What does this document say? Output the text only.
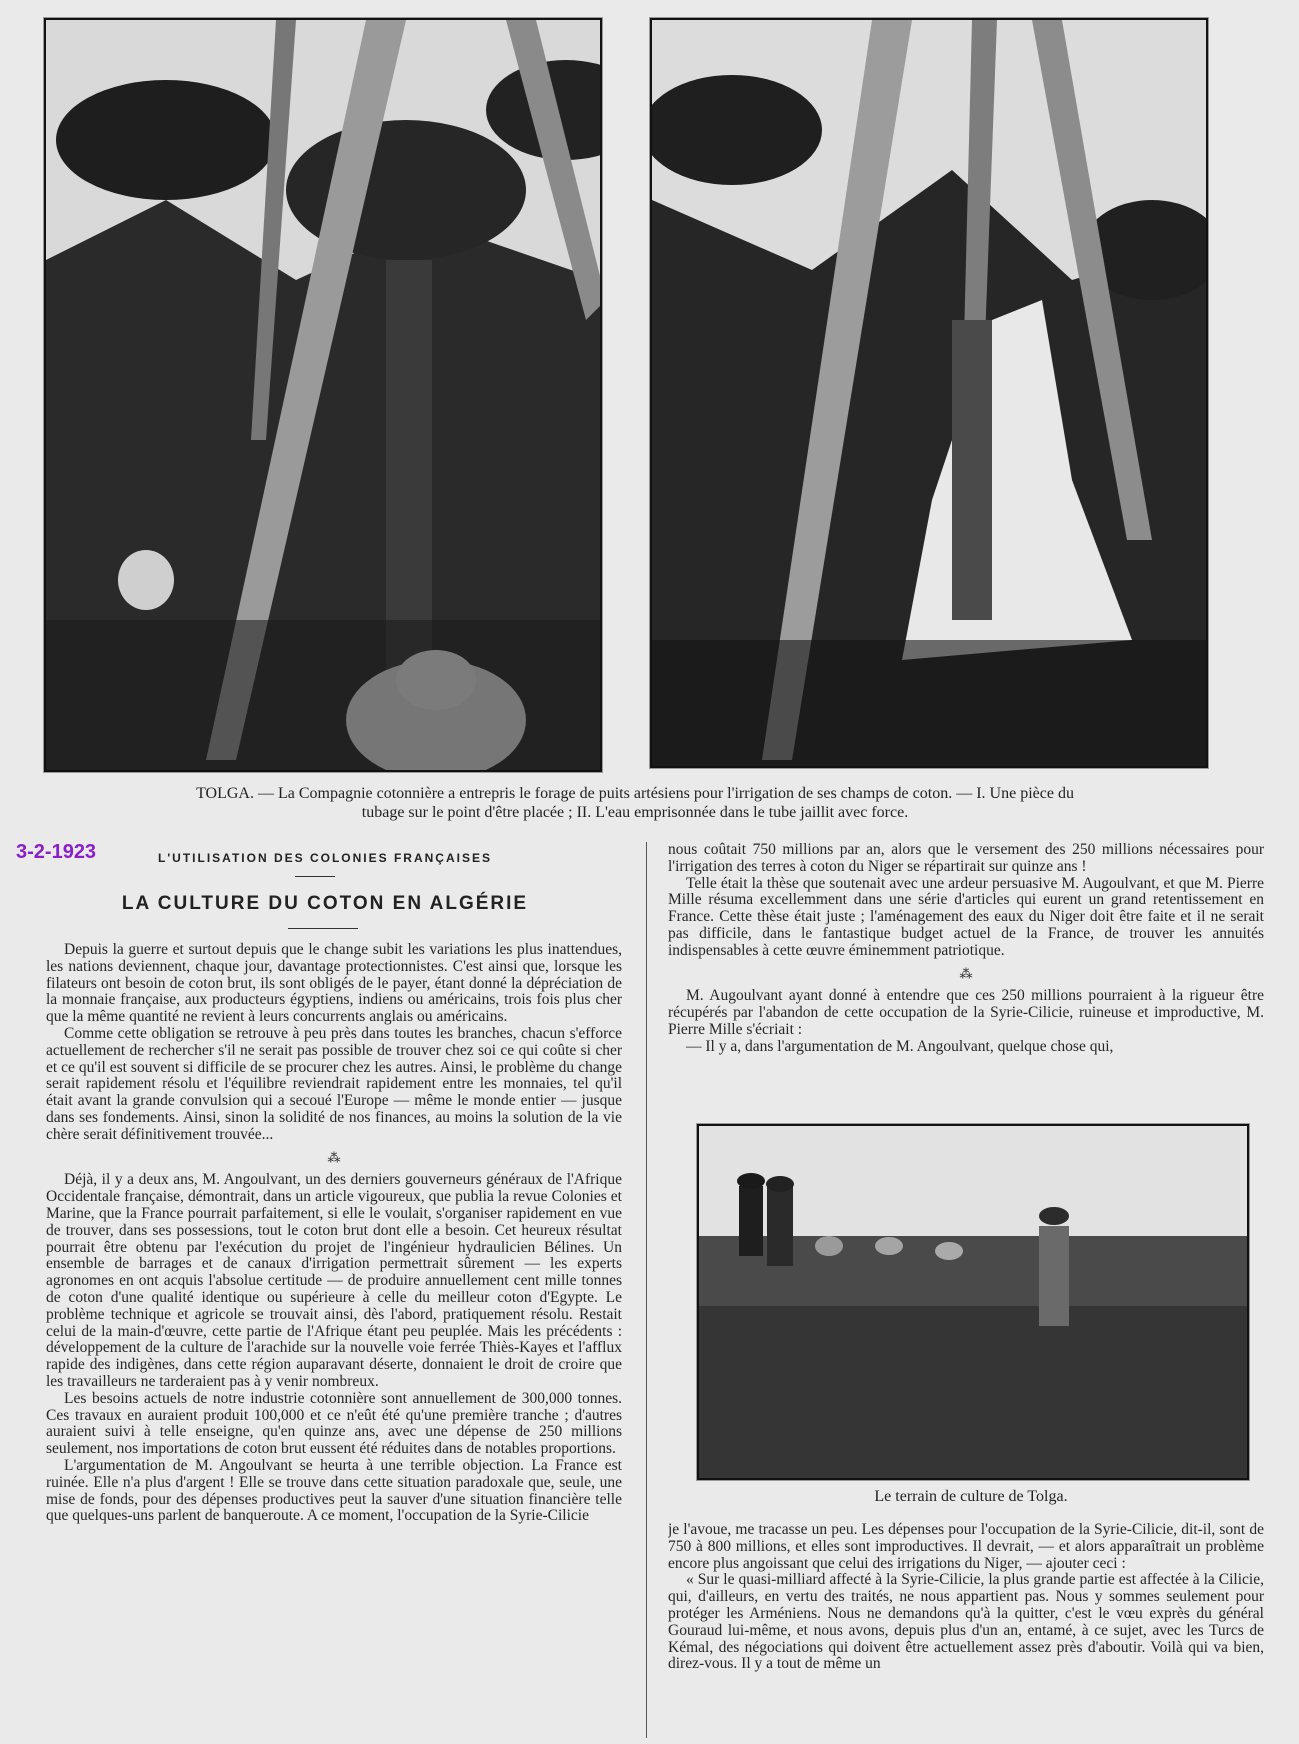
TOLGA. — La Compagnie cotonnière a entrepris le forage de puits artésiens pour l'irrigation de ses champs de coton. — I. Une pièce du
tubage sur le point d'être placée ; II. L'eau emprisonnée dans le tube jaillit avec force.
3-2-1923	L'UTILISATION DES COLONIES FRANÇAISES
LA CULTURE DU COTON EN ALGÉRIE

Depuis la guerre et surtout depuis que le change subit les variations les plus inattendues, les nations deviennent, chaque jour, davantage protectionnistes. C'est ainsi que, lorsque les filateurs ont besoin de coton brut, ils sont obligés de le payer, étant donné la dépréciation de la monnaie française, aux producteurs égyptiens, indiens ou américains, trois fois plus cher que la même quantité ne revient à leurs concurrents anglais ou américains.

Comme cette obligation se retrouve à peu près dans toutes les branches, chacun s'efforce actuellement de rechercher s'il ne serait pas possible de trouver chez soi ce qui coûte si cher et ce qu'il est souvent si difficile de se procurer chez les autres. Ainsi, le problème du change serait rapidement résolu et l'équilibre reviendrait rapidement entre les monnaies, tel qu'il était avant la grande convulsion qui a secoué l'Europe — même le monde entier — jusque dans ses fondements. Ainsi, sinon la solidité de nos finances, au moins la solution de la vie chère serait définitivement trouvée...

⁂

Déjà, il y a deux ans, M. Angoulvant, un des derniers gouverneurs généraux de l'Afrique Occidentale française, démontrait, dans un article vigoureux, que publia la revue Colonies et Marine, que la France pourrait parfaitement, si elle le voulait, s'organiser rapidement en vue de trouver, dans ses possessions, tout le coton brut dont elle a besoin. Cet heureux résultat pourrait être obtenu par l'exécution du projet de l'ingénieur hydraulicien Bélines. Un ensemble de barrages et de canaux d'irrigation permettrait sûrement — les experts agronomes en ont acquis l'absolue certitude — de produire annuellement cent mille tonnes de coton d'une qualité identique ou supérieure à celle du meilleur coton d'Egypte. Le problème technique et agricole se trouvait ainsi, dès l'abord, pratiquement résolu. Restait celui de la main-d'œuvre, cette partie de l'Afrique étant peu peuplée. Mais les précédents : développement de la culture de l'arachide sur la nouvelle voie ferrée Thiès-Kayes et l'afflux rapide des indigènes, dans cette région auparavant déserte, donnaient le droit de croire que les travailleurs ne tarderaient pas à y venir nombreux.

Les besoins actuels de notre industrie cotonnière sont annuellement de 300,000 tonnes. Ces travaux en auraient produit 100,000 et ce n'eût été qu'une première tranche ; d'autres auraient suivi à telle enseigne, qu'en quinze ans, avec une dépense de 250 millions seulement, nos importations de coton brut eussent été réduites dans de notables proportions.

L'argumentation de M. Angoulvant se heurta à une terrible objection. La France est ruinée. Elle n'a plus d'argent ! Elle se trouve dans cette situation paradoxale que, seule, une mise de fonds, pour des dépenses productives peut la sauver d'une situation financière telle que quelques-uns parlent de banqueroute. A ce moment, l'occupation de la Syrie-Cilicie

nous coûtait 750 millions par an, alors que le versement des 250 millions nécessaires pour l'irrigation des terres à coton du Niger se répartirait sur quinze ans !

Telle était la thèse que soutenait avec une ardeur persuasive M. Augoulvant, et que M. Pierre Mille résuma excellemment dans une série d'articles qui eurent un grand retentissement en France. Cette thèse était juste ; l'aménagement des eaux du Niger doit être faite et il ne serait pas difficile, dans le fantastique budget actuel de la France, de trouver les annuités indispensables à cette œuvre éminemment patriotique.

⁂

M. Augoulvant ayant donné à entendre que ces 250 millions pourraient à la rigueur être récupérés par l'abandon de cette occupation de la Syrie-Cilicie, ruineuse et improductive, M. Pierre Mille s'écriait :

— Il y a, dans l'argumentation de M. Angoulvant, quelque chose qui,

Le terrain de culture de Tolga.

je l'avoue, me tracasse un peu. Les dépenses pour l'occupation de la Syrie-Cilicie, dit-il, sont de 750 à 800 millions, et elles sont improductives. Il devrait, — et alors apparaîtrait un problème encore plus angoissant que celui des irrigations du Niger, — ajouter ceci :

« Sur le quasi-milliard affecté à la Syrie-Cilicie, la plus grande partie est affectée à la Cilicie, qui, d'ailleurs, en vertu des traités, ne nous appartient pas. Nous y sommes seulement pour protéger les Arméniens. Nous ne demandons qu'à la quitter, c'est le vœu exprès du général Gouraud lui-même, et nous avons, depuis plus d'un an, entamé, à ce sujet, avec les Turcs de Kémal, des négociations qui doivent être actuellement assez près d'aboutir. Voilà qui va bien, direz-vous. Il y a tout de même un
